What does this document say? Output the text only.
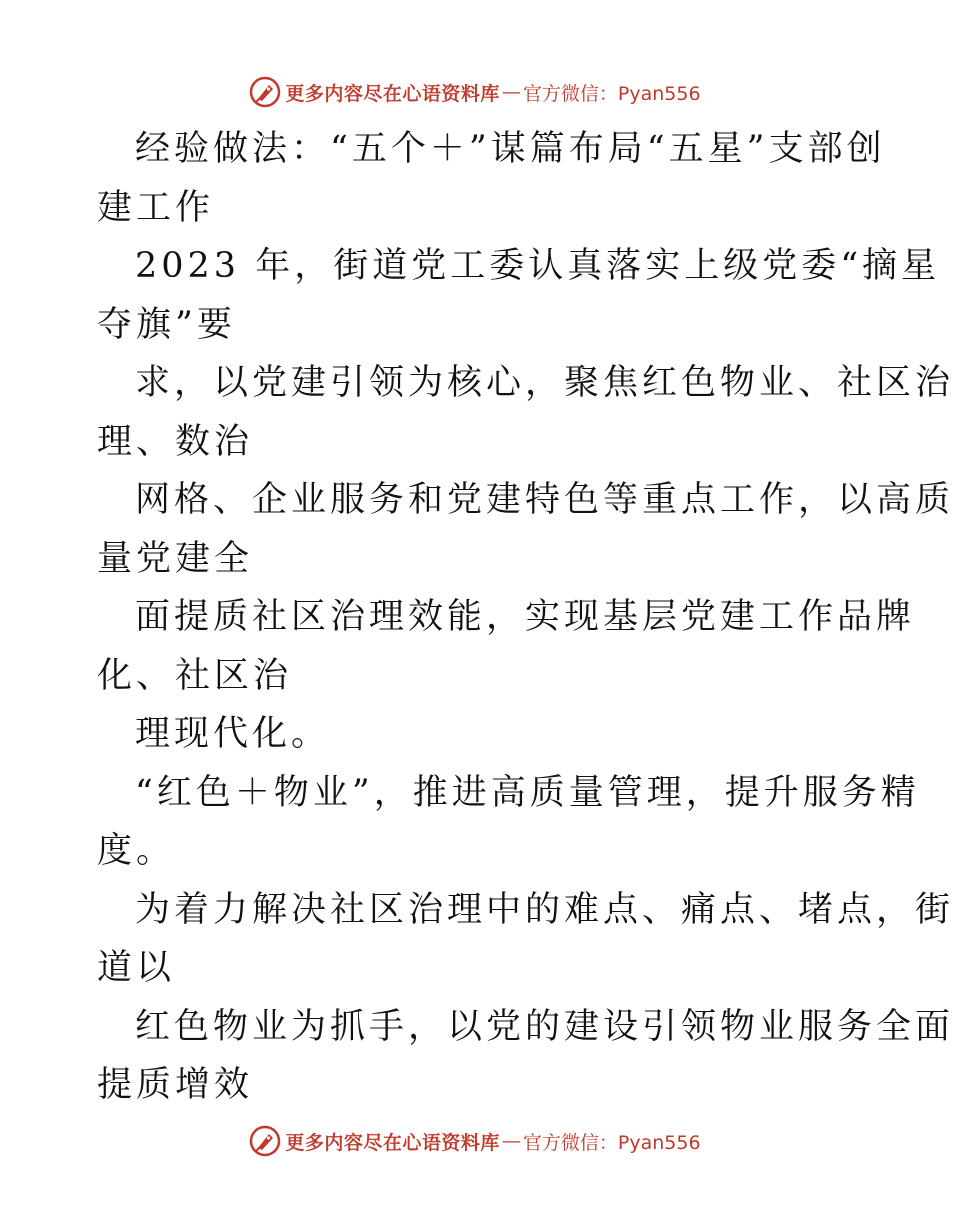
更多内容尽在心语资料库 — 官方微信：Pyan556
经验做法：“五个＋”谋篇布局“五星”支部创
建工作
2023 年，街道党工委认真落实上级党委“摘星
夺旗”要
求，以党建引领为核心，聚焦红色物业、社区治
理、数治
网格、企业服务和党建特色等重点工作，以高质
量党建全
面提质社区治理效能，实现基层党建工作品牌
化、社区治
理现代化。
“红色＋物业”，推进高质量管理，提升服务精
度。
为着力解决社区治理中的难点、痛点、堵点，街
道以
红色物业为抓手，以党的建设引领物业服务全面
提质增效
更多内容尽在心语资料库 — 官方微信：Pyan556
